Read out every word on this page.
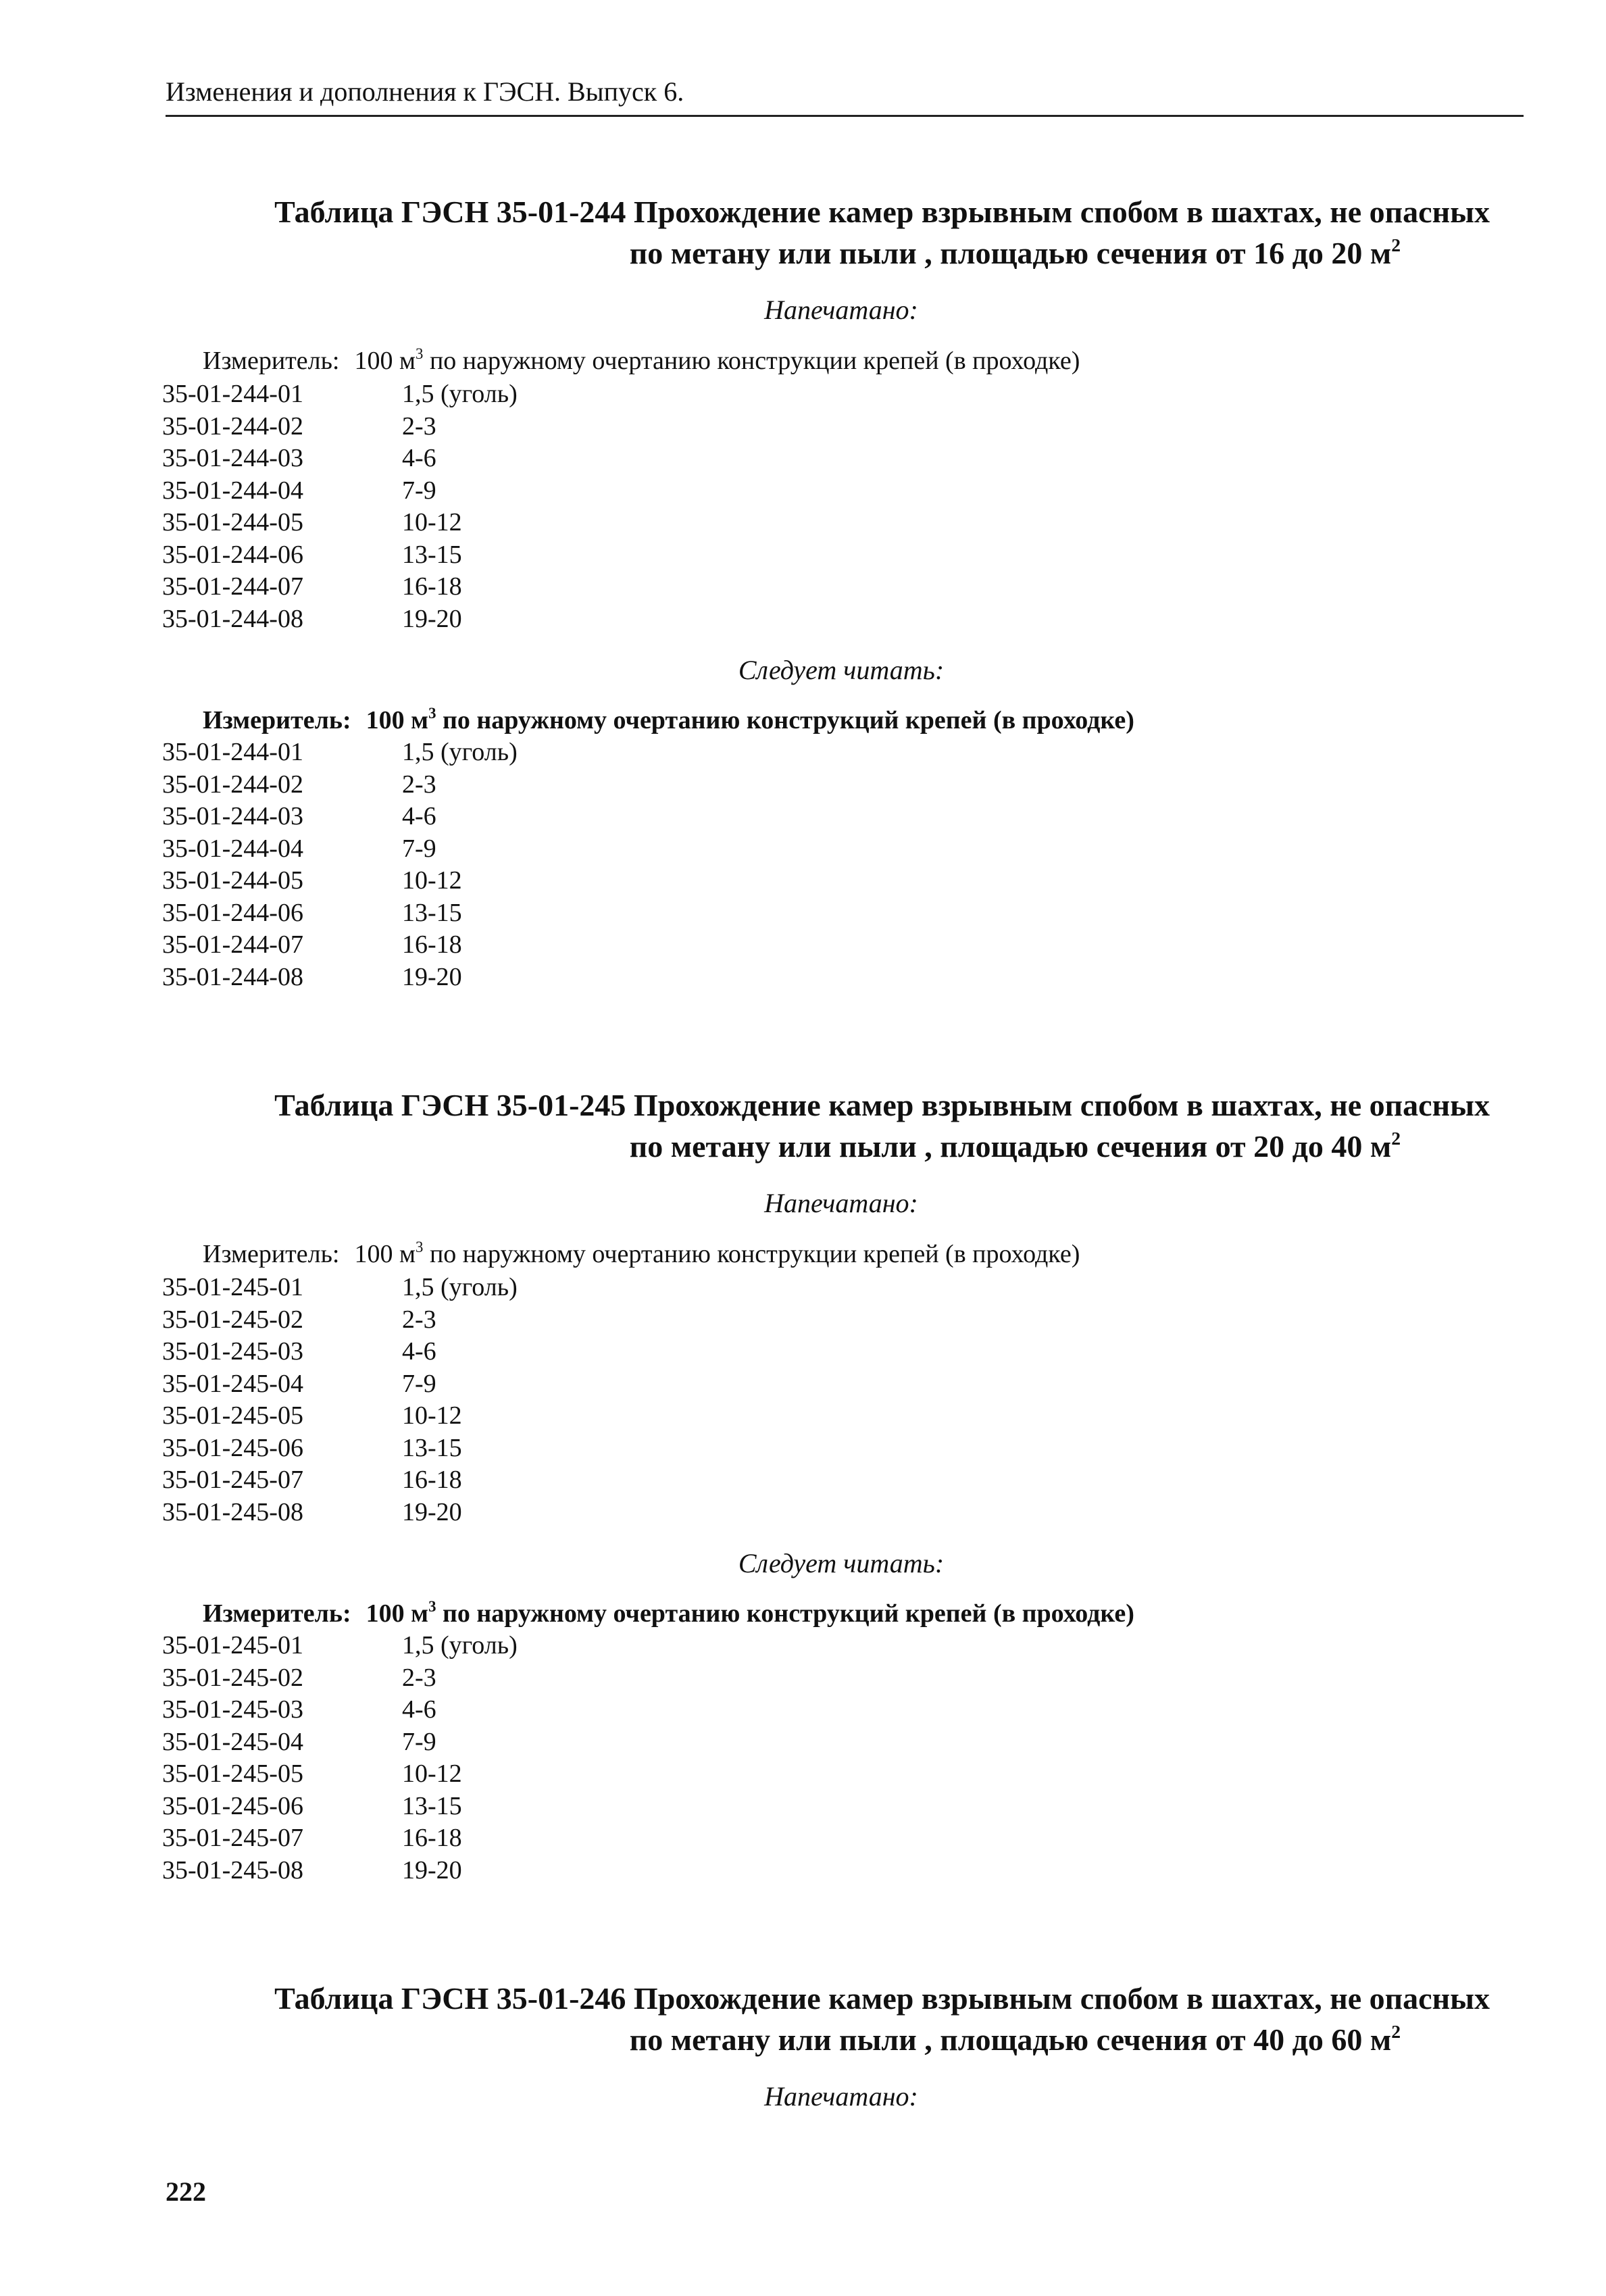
Изменения и дополнения к ГЭСН. Выпуск 6.
Таблица ГЭСН 35-01-244 Прохождение камер взрывным спобом в шахтах, не опасных
по метану или пыли , площадью сечения от 16 до 20 $м^2$
Напечатано:
Измеритель: 100 $м^3$ по наружному очертанию конструкции крепей (в проходке)
35-01-244-01	1,5 (уголь)
35-01-244-02	2-3
35-01-244-03	4-6
35-01-244-04	7-9
35-01-244-05	10-12
35-01-244-06	13-15
35-01-244-07	16-18
35-01-244-08	19-20
Следует читать:
Измеритель: 100 $м^3$ по наружному очертанию конструкций крепей (в проходке)
35-01-244-01	1,5 (уголь)
35-01-244-02	2-3
35-01-244-03	4-6
35-01-244-04	7-9
35-01-244-05	10-12
35-01-244-06	13-15
35-01-244-07	16-18
35-01-244-08	19-20
Таблица ГЭСН 35-01-245 Прохождение камер взрывным спобом в шахтах, не опасных
по метану или пыли , площадью сечения от 20 до 40 $м^2$
Напечатано:
Измеритель: 100 $м^3$ по наружному очертанию конструкции крепей (в проходке)
35-01-245-01	1,5 (уголь)
35-01-245-02	2-3
35-01-245-03	4-6
35-01-245-04	7-9
35-01-245-05	10-12
35-01-245-06	13-15
35-01-245-07	16-18
35-01-245-08	19-20
Следует читать:
Измеритель: 100 $м^3$ по наружному очертанию конструкций крепей (в проходке)
35-01-245-01	1,5 (уголь)
35-01-245-02	2-3
35-01-245-03	4-6
35-01-245-04	7-9
35-01-245-05	10-12
35-01-245-06	13-15
35-01-245-07	16-18
35-01-245-08	19-20
Таблица ГЭСН 35-01-246 Прохождение камер взрывным спобом в шахтах, не опасных
по метану или пыли , площадью сечения от 40 до 60 $м^2$
Напечатано:
222
